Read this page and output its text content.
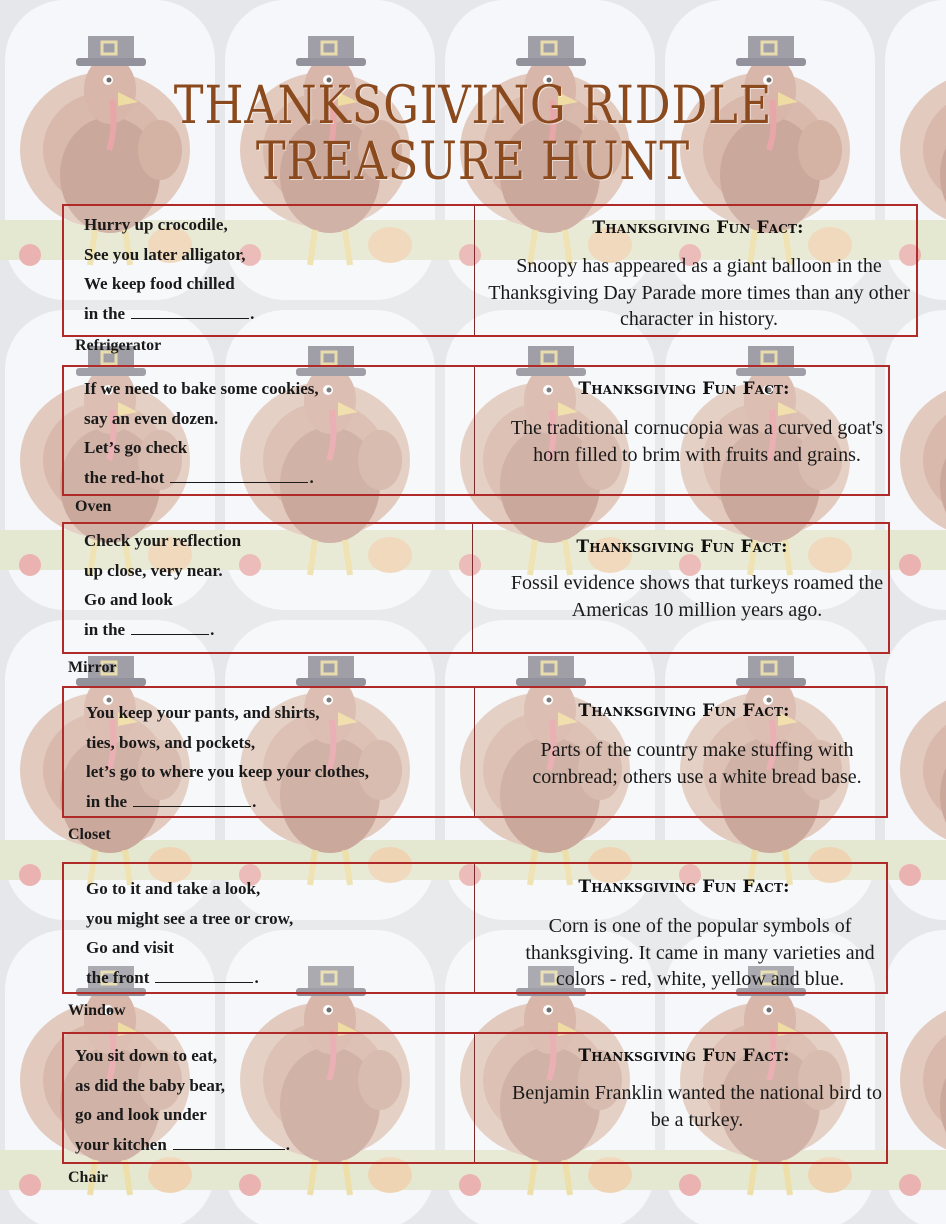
THANKSGIVING RIDDLE
TREASURE HUNT
Hurry up crocodile,
See you later alligator,
We keep food chilled
in the	.
Thanksgiving Fun Fact:
Snoopy has appeared as a giant balloon in the Thanksgiving Day Parade more times than any other character in history.
Refrigerator
If we need to bake some cookies,
say an even dozen.
Let’s go check
the red-hot	.
Thanksgiving Fun Fact:
The traditional cornucopia was a curved goat's horn filled to brim with fruits and grains.
Oven
Check your reflection
up close, very near.
Go and look
in the	.
Thanksgiving Fun Fact:
Fossil evidence shows that turkeys roamed the Americas 10 million years ago.
Mirror
You keep your pants, and shirts,
ties, bows, and pockets,
let’s go to where you keep your clothes,
in the	.
Thanksgiving Fun Fact:
Parts of the country make stuffing with cornbread; others use a white bread base.
Closet
Go to it and take a look,
you might see a tree or crow,
Go and visit
the front	.
Thanksgiving Fun Fact:
Corn is one of the popular symbols of thanksgiving. It came in many varieties and colors - red, white, yellow and blue.
Window
You sit down to eat,
as did the baby bear,
go and look under
your kitchen	.
Thanksgiving Fun Fact:
Benjamin Franklin wanted the national bird to be a turkey.
Chair
